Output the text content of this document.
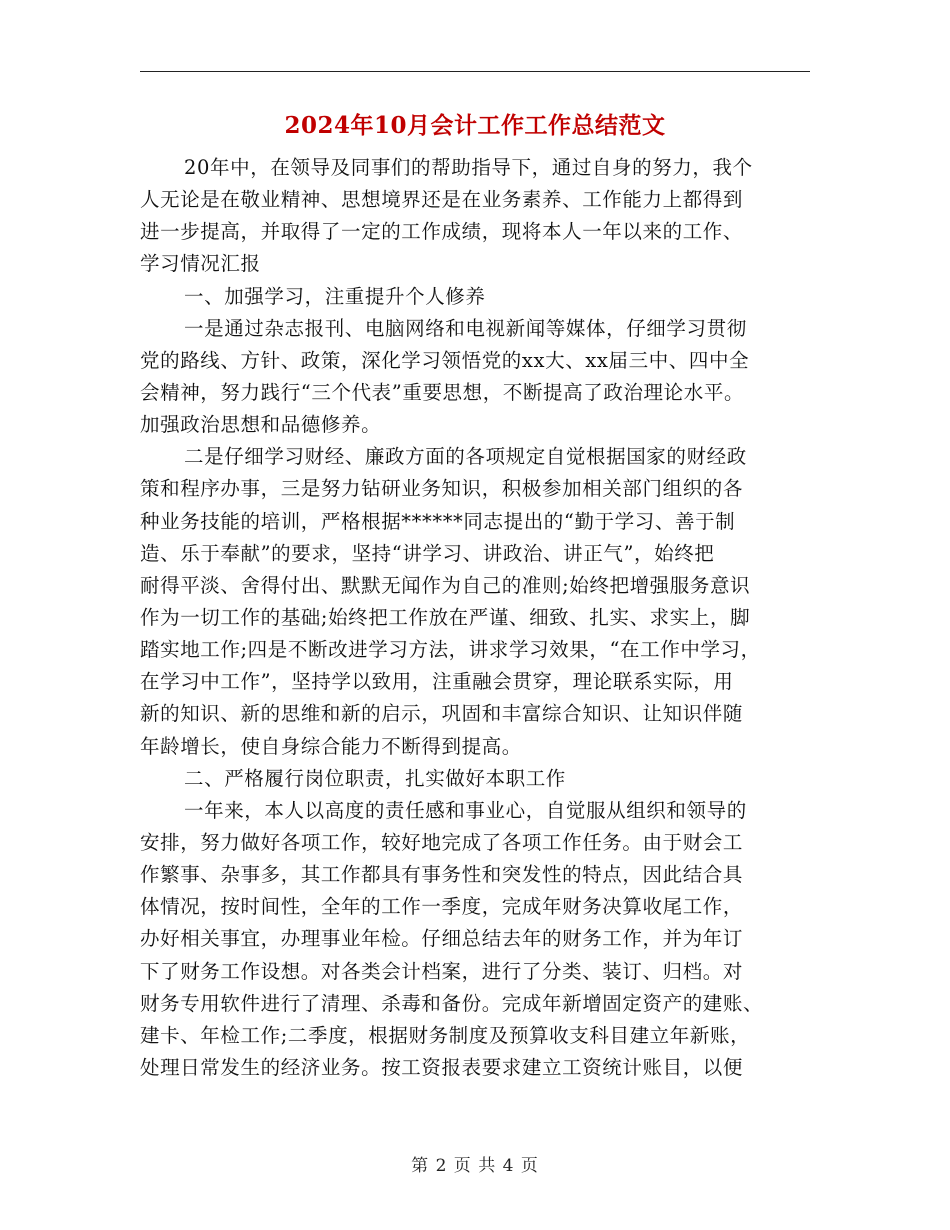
2024年10月会计工作工作总结范文
20年中，在领导及同事们的帮助指导下，通过自身的努力，我个
人无论是在敬业精神、思想境界还是在业务素养、工作能力上都得到
进一步提高，并取得了一定的工作成绩，现将本人一年以来的工作、
学习情况汇报
一、加强学习，注重提升个人修养
一是通过杂志报刊、电脑网络和电视新闻等媒体，仔细学习贯彻
党的路线、方针、政策，深化学习领悟党的xx大、xx届三中、四中全
会精神，努力践行“三个代表”重要思想，不断提高了政治理论水平。
加强政治思想和品德修养。
二是仔细学习财经、廉政方面的各项规定自觉根据国家的财经政
策和程序办事，三是努力钻研业务知识，积极参加相关部门组织的各
种业务技能的培训，严格根据******同志提出的“勤于学习、善于制
造、乐于奉献”的要求，坚持“讲学习、讲政治、讲正气”，始终把
耐得平淡、舍得付出、默默无闻作为自己的准则;始终把增强服务意识
作为一切工作的基础;始终把工作放在严谨、细致、扎实、求实上，脚
踏实地工作;四是不断改进学习方法，讲求学习效果，“在工作中学习，
在学习中工作”，坚持学以致用，注重融会贯穿，理论联系实际，用
新的知识、新的思维和新的启示，巩固和丰富综合知识、让知识伴随
年龄增长，使自身综合能力不断得到提高。
二、严格履行岗位职责，扎实做好本职工作
一年来，本人以高度的责任感和事业心，自觉服从组织和领导的
安排，努力做好各项工作，较好地完成了各项工作任务。由于财会工
作繁事、杂事多，其工作都具有事务性和突发性的特点，因此结合具
体情况，按时间性，全年的工作一季度，完成年财务决算收尾工作，
办好相关事宜，办理事业年检。仔细总结去年的财务工作，并为年订
下了财务工作设想。对各类会计档案，进行了分类、装订、归档。对
财务专用软件进行了清理、杀毒和备份。完成年新增固定资产的建账、
建卡、年检工作;二季度，根据财务制度及预算收支科目建立年新账，
处理日常发生的经济业务。按工资报表要求建立工资统计账目，以便
第 2 页 共 4 页
